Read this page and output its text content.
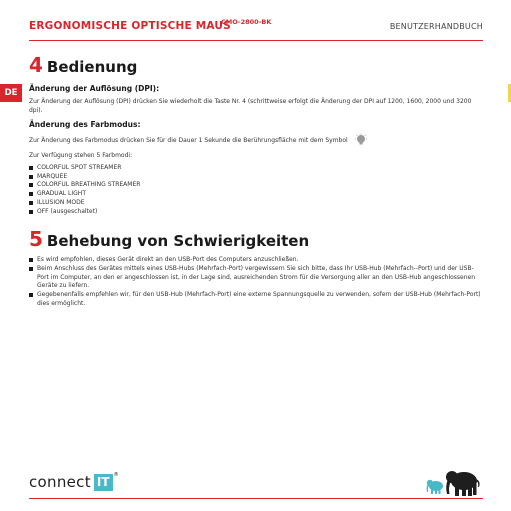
ERGONOMISCHE OPTISCHE MAUS
CMO-2800-BK	BENUTZERHANDBUCH
DE
4 Bedienung
Änderung der Auflösung (DPI):

Zur Änderung der Auflösung (DPI) drücken Sie wiederholt die Taste Nr. 4 (schrittweise erfolgt die Änderung der DPI auf 1200, 1600, 2000 und 3200 dpi).

Änderung des Farbmodus:
Zur Änderung des Farbmodus drücken Sie für die Dauer 1 Sekunde die Berührungsfläche mit dem Symbol

Zur Verfügung stehen 5 Farbmodi:

COLORFUL SPOT STREAMER
MARQUEE
COLORFUL BREATHING STREAMER
GRADUAL LIGHT
ILLUSION MODE
OFF (ausgeschaltet)
5 Behebung von Schwierigkeiten
Es wird empfohlen, dieses Gerät direkt an den USB-Port des Computers anzuschließen.
Beim Anschluss des Gerätes mittels eines USB-Hubs (Mehrfach-Port) vergewissern Sie sich bitte, dass Ihr USB-Hub (Mehrfach--Port) und der USB-Port im Computer, an den er angeschlossen ist, in der Lage sind, ausreichenden Strom für die Versorgung aller an den USB-Hub angeschlossenen Geräte zu liefern.
Gegebenenfalls empfehlen wir, für den USB-Hub (Mehrfach-Port) eine externe Spannungsquelle zu verwenden, sofern der USB-Hub (Mehrfach-Port) dies ermöglicht.
connect IT ®
